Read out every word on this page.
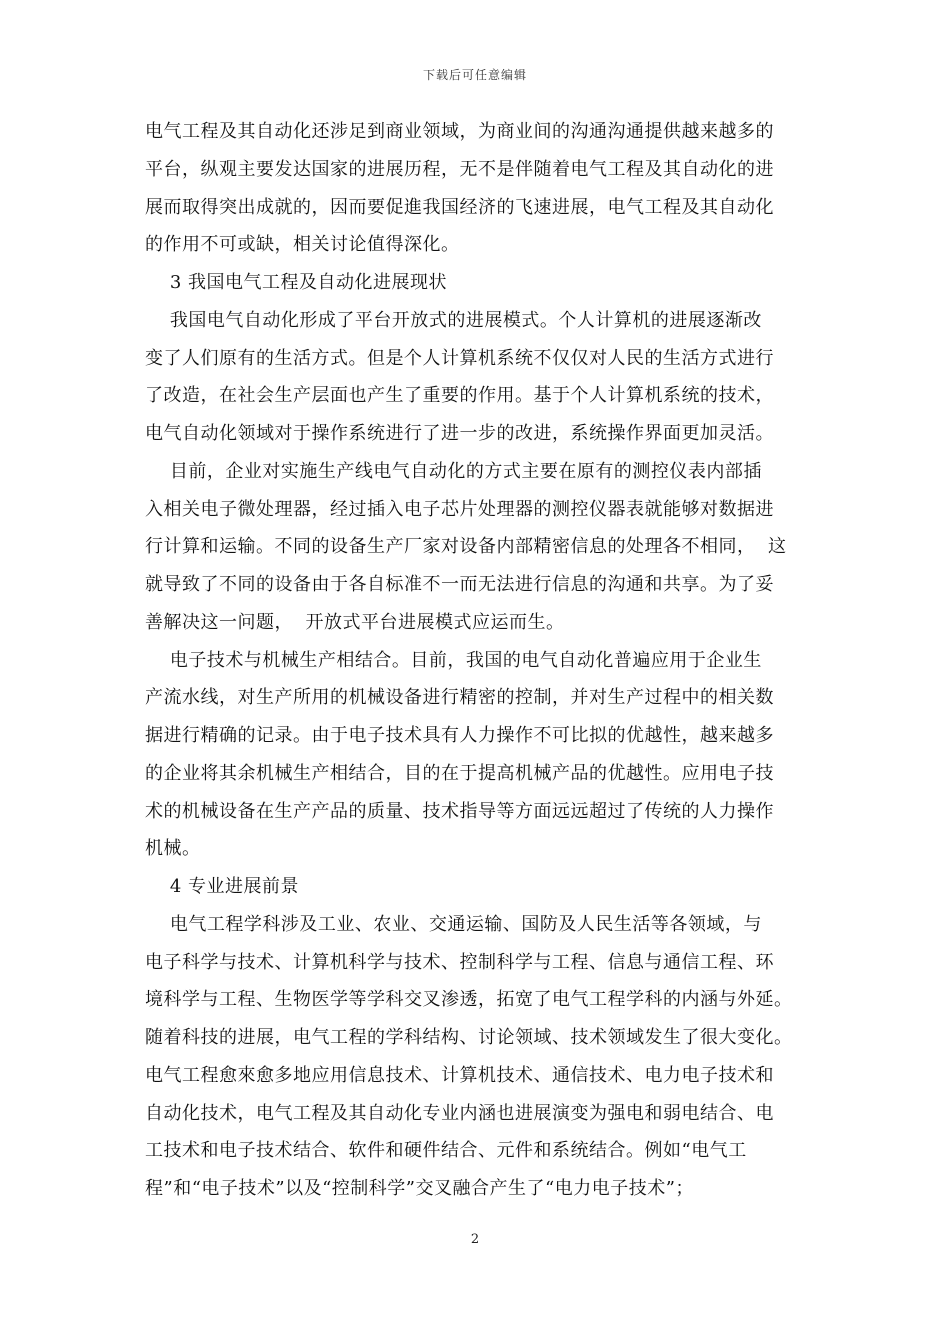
下载后可任意编辑
电气工程及其自动化还涉足到商业领域，为商业间的沟通沟通提供越来越多的
平台，纵观主要发达国家的进展历程，无不是伴随着电气工程及其自动化的进
展而取得突出成就的，因而要促進我国经济的飞速进展，电气工程及其自动化
的作用不可或缺，相关讨论值得深化。
3 我国电气工程及自动化进展现状
我国电气自动化形成了平台开放式的进展模式。个人计算机的进展逐渐改
变了人们原有的生活方式。但是个人计算机系统不仅仅对人民的生活方式进行
了改造，在社会生产层面也产生了重要的作用。基于个人计算机系统的技术，
电气自动化领域对于操作系统进行了进一步的改进，系统操作界面更加灵活。
目前，企业对实施生产线电气自动化的方式主要在原有的测控仪表内部插
入相关电子微处理器，经过插入电子芯片处理器的测控仪器表就能够对数据进
行计算和运输。不同的设备生产厂家对设备内部精密信息的处理各不相同，  这
就导致了不同的设备由于各自标准不一而无法进行信息的沟通和共享。为了妥
善解决这一问题，  开放式平台进展模式应运而生。
电子技术与机械生产相结合。目前，我国的电气自动化普遍应用于企业生
产流水线，对生产所用的机械设备进行精密的控制，并对生产过程中的相关数
据进行精确的记录。由于电子技术具有人力操作不可比拟的优越性，越来越多
的企业将其余机械生产相结合，目的在于提高机械产品的优越性。应用电子技
术的机械设备在生产产品的质量、技术指导等方面远远超过了传统的人力操作
机械。
4 专业进展前景
电气工程学科涉及工业、农业、交通运输、国防及人民生活等各领域，与
电子科学与技术、计算机科学与技术、控制科学与工程、信息与通信工程、环
境科学与工程、生物医学等学科交叉渗透，拓宽了电气工程学科的内涵与外延。
随着科技的进展，电气工程的学科结构、讨论领域、技术领域发生了很大变化。
电气工程愈來愈多地应用信息技术、计算机技术、通信技术、电力电子技术和
自动化技术，电气工程及其自动化专业内涵也进展演变为强电和弱电结合、电
工技术和电子技术结合、软件和硬件结合、元件和系统结合。例如“电气工
程”和“电子技术”以及“控制科学”交叉融合产生了“电力电子技术”；
2
